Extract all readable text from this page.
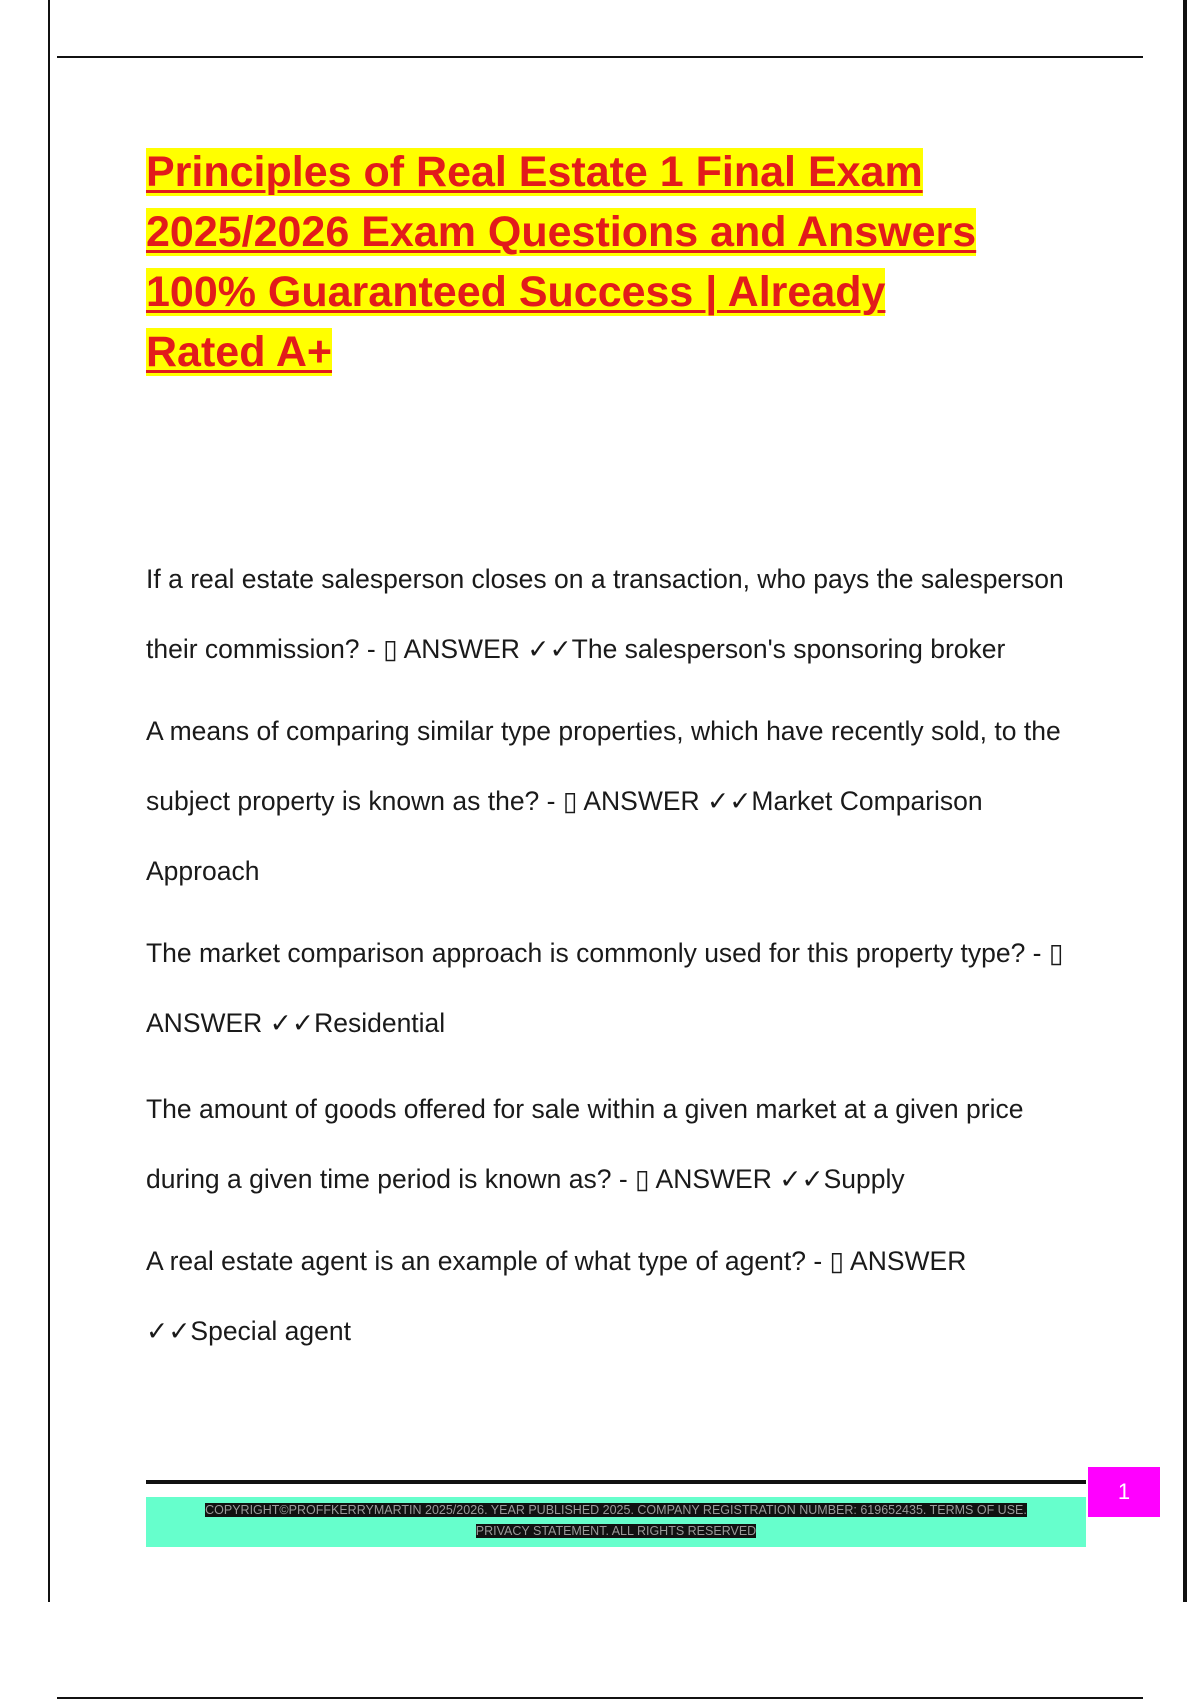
Principles of Real Estate 1 Final Exam
2025/2026 Exam Questions and Answers
100% Guaranteed Success | Already
Rated A+

If a real estate salesperson closes on a transaction, who pays the salesperson their commission? - ▯ ANSWER ✓✓The salesperson's sponsoring broker

A means of comparing similar type properties, which have recently sold, to the subject property is known as the? - ▯ ANSWER ✓✓Market Comparison Approach

The market comparison approach is commonly used for this property type? - ▯ ANSWER ✓✓Residential

The amount of goods offered for sale within a given market at a given price during a given time period is known as? - ▯ ANSWER ✓✓Supply

A real estate agent is an example of what type of agent? - ▯ ANSWER ✓✓Special agent

COPYRIGHT©PROFFKERRYMARTIN 2025/2026. YEAR PUBLISHED 2025. COMPANY REGISTRATION NUMBER: 619652435. TERMS OF USE.
PRIVACY STATEMENT. ALL RIGHTS RESERVED
1
